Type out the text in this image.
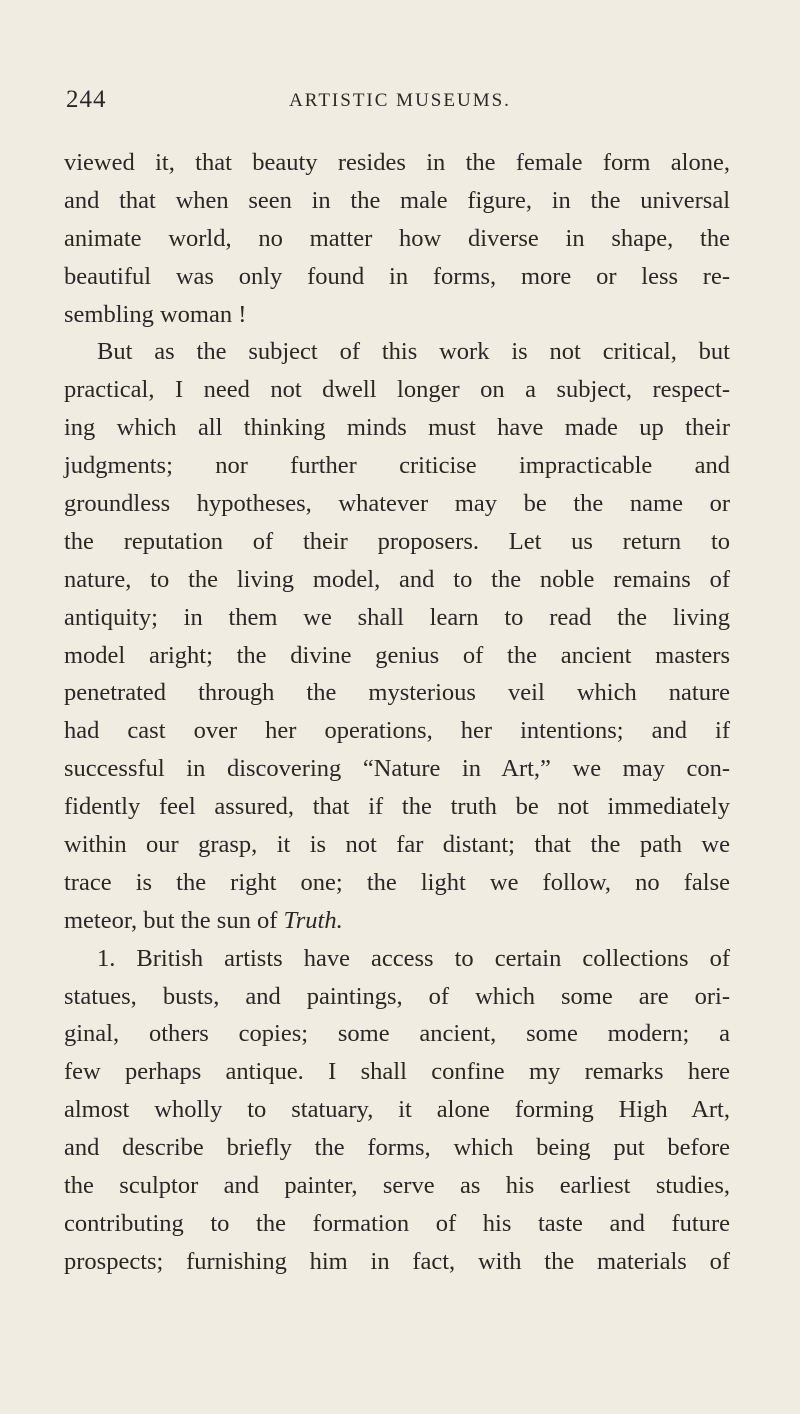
244	ARTISTIC MUSEUMS.
viewed it, that beauty resides in the female form alone,
and that when seen in the male figure, in the universal
animate world, no matter how diverse in shape, the
beautiful was only found in forms, more or less re-
sembling woman !
But as the subject of this work is not critical, but
practical, I need not dwell longer on a subject, respect-
ing which all thinking minds must have made up their
judgments; nor further criticise impracticable and
groundless hypotheses, whatever may be the name or
the reputation of their proposers. Let us return to
nature, to the living model, and to the noble remains of
antiquity; in them we shall learn to read the living
model aright; the divine genius of the ancient masters
penetrated through the mysterious veil which nature
had cast over her operations, her intentions; and if
successful in discovering “Nature in Art,” we may con-
fidently feel assured, that if the truth be not immediately
within our grasp, it is not far distant; that the path we
trace is the right one; the light we follow, no false
meteor, but the sun of Truth.
1. British artists have access to certain collections of
statues, busts, and paintings, of which some are ori-
ginal, others copies; some ancient, some modern; a
few perhaps antique. I shall confine my remarks here
almost wholly to statuary, it alone forming High Art,
and describe briefly the forms, which being put before
the sculptor and painter, serve as his earliest studies,
contributing to the formation of his taste and future
prospects; furnishing him in fact, with the materials of
